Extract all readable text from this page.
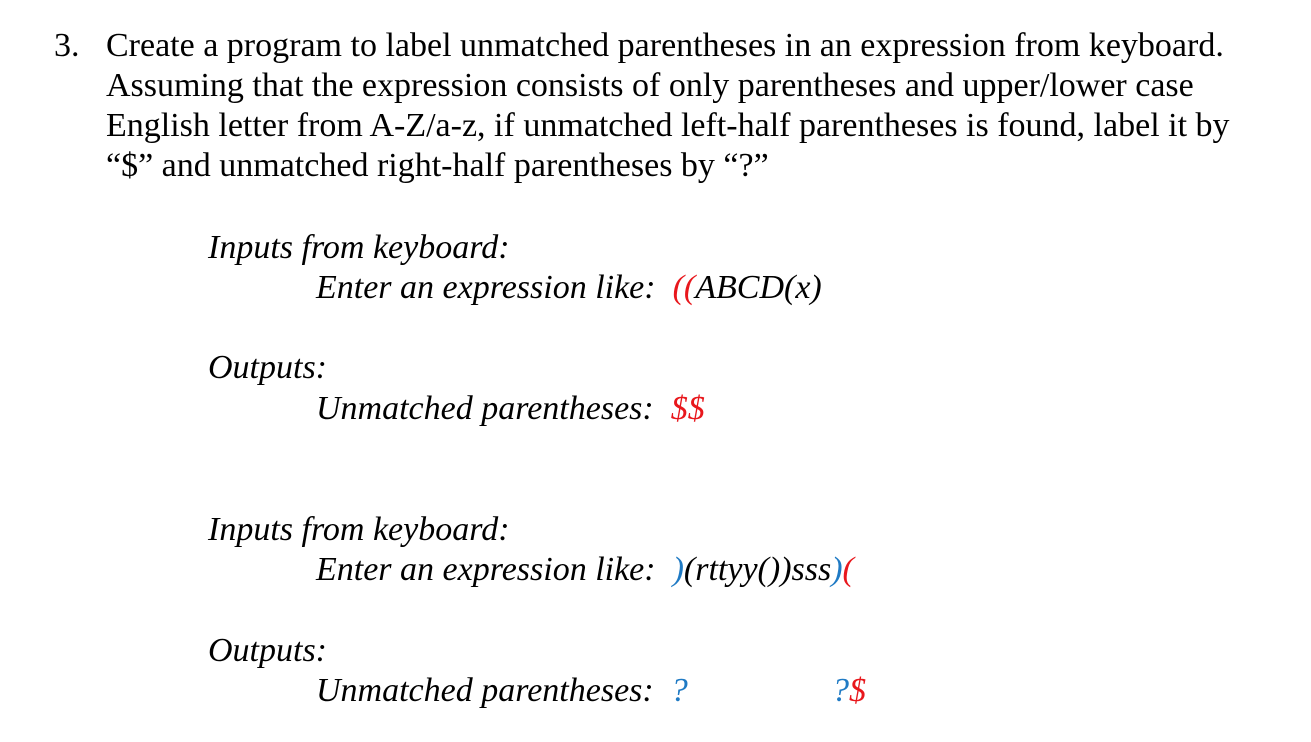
3. Create a program to label unmatched parentheses in an expression from keyboard.
Assuming that the expression consists of only parentheses and upper/lower case
English letter from A-Z/a-z, if unmatched left-half parentheses is found, label it by
“$” and unmatched right-half parentheses by “?”
Inputs from keyboard:
Enter an expression like: ((ABCD(x)
Outputs:
Unmatched parentheses: $$
Inputs from keyboard:
Enter an expression like: )(rttyy())sss)(
Outputs:
Unmatched parentheses: ?	?$
